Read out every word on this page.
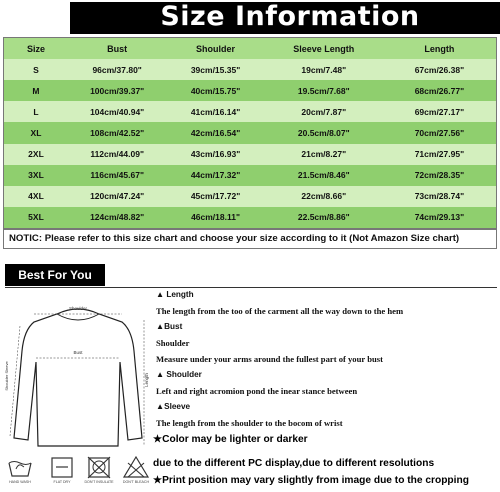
Size Information
Size	Bust	Shoulder	Sleeve Length	Length
S	96cm/37.80"	39cm/15.35"	19cm/7.48"	67cm/26.38"
M	100cm/39.37"	40cm/15.75"	19.5cm/7.68"	68cm/26.77"
L	104cm/40.94"	41cm/16.14"	20cm/7.87"	69cm/27.17"
XL	108cm/42.52"	42cm/16.54"	20.5cm/8.07"	70cm/27.56"
2XL	112cm/44.09"	43cm/16.93"	21cm/8.27"	71cm/27.95"
3XL	116cm/45.67"	44cm/17.32"	21.5cm/8.46"	72cm/28.35"
4XL	120cm/47.24"	45cm/17.72"	22cm/8.66"	73cm/28.74"
5XL	124cm/48.82"	46cm/18.11"	22.5cm/8.86"	74cm/29.13"
NOTIC: Please refer to this size chart and choose your size according to it (Not Amazon Size chart)
Best For You
Shoulder
Bust
Shoulder Sleeve	Length
▲ Length
The length from the too of the carment all the way down to the hem
▲Bust
Shoulder
Measure under your arms around the fullest part of your bust
▲ Shoulder
Left and right acromion pond the inear stance between
▲Sleeve
The length from the shoulder to the bocom of wrist
★Color may be lighter or darker
due to the different PC display,due to different resolutions
★Print position may vary slightly from image due to the cropping
HAND WASH	FLAT DRY	DON'T INSULATE	DON'T BLEACH
